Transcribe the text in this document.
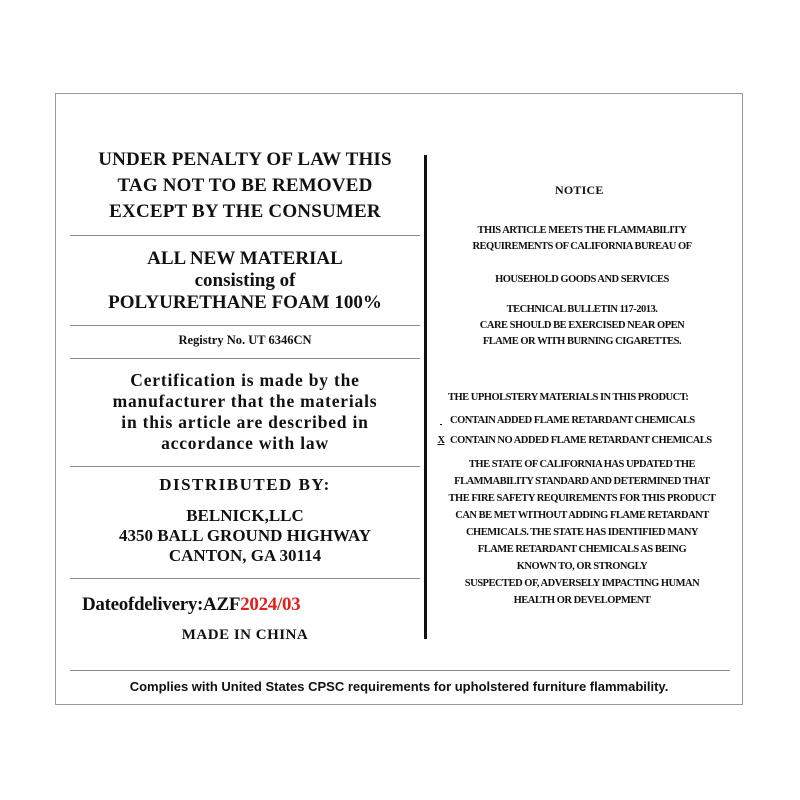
UNDER PENALTY OF LAW THIS
TAG NOT TO BE REMOVED
EXCEPT BY THE CONSUMER
ALL NEW MATERIAL
consisting of
POLYURETHANE FOAM 100%
Registry No. UT 6346CN
Certification is made by the
manufacturer that the materials
in this article are described in
accordance with law
DISTRIBUTED BY:
BELNICK,LLC
4350 BALL GROUND HIGHWAY
CANTON, GA 30114
Dateofdelivery:AZF2024/03
MADE IN CHINA
NOTICE
THIS ARTICLE MEETS THE FLAMMABILITY
REQUIREMENTS OF CALIFORNIA BUREAU OF
HOUSEHOLD GOODS AND SERVICES
TECHNICAL BULLETIN 117-2013.
CARE SHOULD BE EXERCISED NEAR OPEN
FLAME OR WITH BURNING CIGARETTES.
THE UPHOLSTERY MATERIALS IN THIS PRODUCT:
CONTAIN ADDED FLAME RETARDANT CHEMICALS
X CONTAIN NO ADDED FLAME RETARDANT CHEMICALS
THE STATE OF CALIFORNIA HAS UPDATED THE
FLAMMABILITY STANDARD AND DETERMINED THAT
THE FIRE SAFETY REQUIREMENTS FOR THIS PRODUCT
CAN BE MET WITHOUT ADDING FLAME RETARDANT
CHEMICALS. THE STATE HAS IDENTIFIED MANY
FLAME RETARDANT CHEMICALS AS BEING
KNOWN TO, OR STRONGLY
SUSPECTED OF, ADVERSELY IMPACTING HUMAN
HEALTH OR DEVELOPMENT
Complies with United States CPSC requirements for upholstered furniture flammability.
